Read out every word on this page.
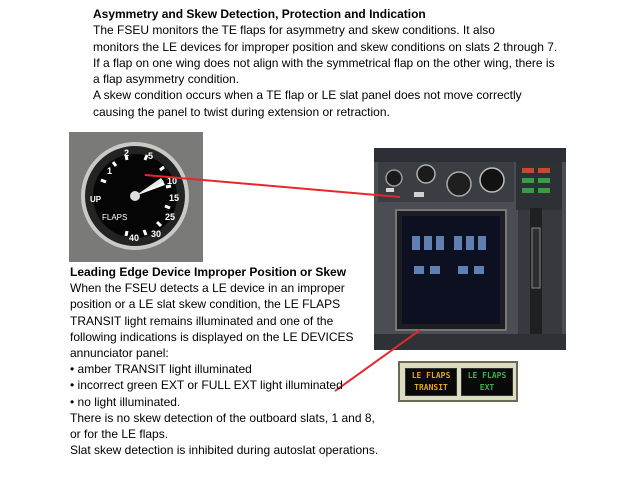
Asymmetry and Skew Detection, Protection and Indication
The FSEU monitors the TE flaps for asymmetry and skew conditions. It also
monitors the LE devices for improper position and skew conditions on slats 2 through 7.
If a flap on one wing does not align with the symmetrical flap on the other wing, there is
a flap asymmetry condition.
A skew condition occurs when a TE flap or LE slat panel does not move correctly
causing the panel to twist during extension or retraction.
1
2 5
10
15
25
30
40
UP
FLAPS
LE FLAPS
TRANSIT
LE FLAPS
EXT
Leading Edge Device Improper Position or Skew
When the FSEU detects a LE device in an improper
position or a LE slat skew condition, the LE FLAPS
TRANSIT light remains illuminated and one of the
following indications is displayed on the LE DEVICES
annunciator panel:
• amber TRANSIT light illuminated
• incorrect green EXT or FULL EXT light illuminated
• no light illuminated.
There is no skew detection of the outboard slats, 1 and 8,
or for the LE flaps.
Slat skew detection is inhibited during autoslat operations.
